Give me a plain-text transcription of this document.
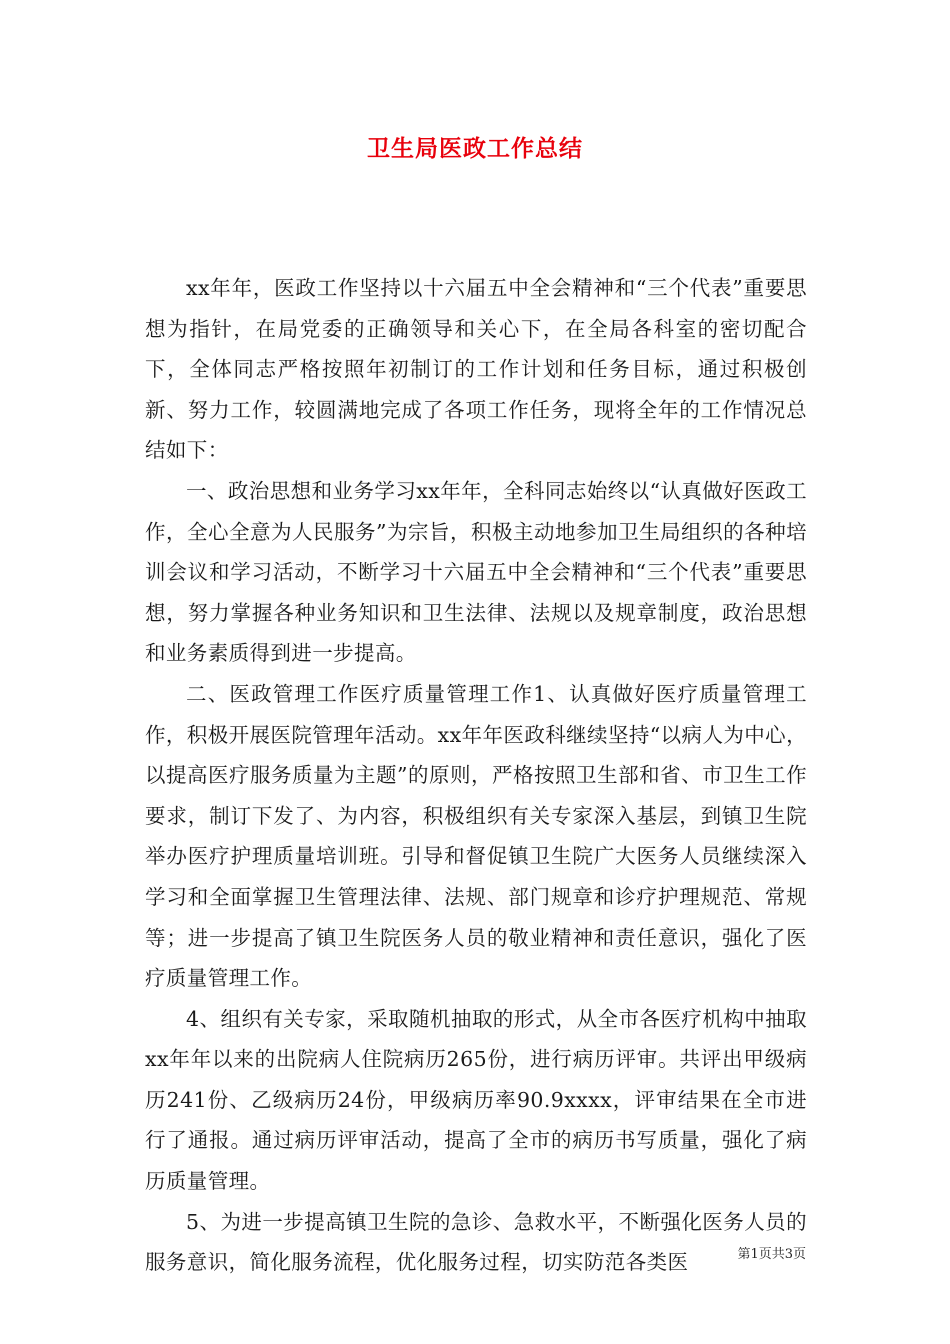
卫生局医政工作总结

xx年年，医政工作坚持以十六届五中全会精神和“三个代表”重要思想为指针，在局党委的正确领导和关心下，在全局各科室的密切配合下，全体同志严格按照年初制订的工作计划和任务目标，通过积极创新、努力工作，较圆满地完成了各项工作任务，现将全年的工作情况总结如下：

一、政治思想和业务学习xx年年，全科同志始终以“认真做好医政工作，全心全意为人民服务”为宗旨，积极主动地参加卫生局组织的各种培训会议和学习活动，不断学习十六届五中全会精神和“三个代表”重要思想，努力掌握各种业务知识和卫生法律、法规以及规章制度，政治思想和业务素质得到进一步提高。

二、医政管理工作医疗质量管理工作1、认真做好医疗质量管理工作，积极开展医院管理年活动。xx年年医政科继续坚持“以病人为中心，以提高医疗服务质量为主题”的原则，严格按照卫生部和省、市卫生工作要求，制订下发了、为内容，积极组织有关专家深入基层，到镇卫生院举办医疗护理质量培训班。引导和督促镇卫生院广大医务人员继续深入学习和全面掌握卫生管理法律、法规、部门规章和诊疗护理规范、常规等；进一步提高了镇卫生院医务人员的敬业精神和责任意识，强化了医疗质量管理工作。

4、组织有关专家，采取随机抽取的形式，从全市各医疗机构中抽取xx年年以来的出院病人住院病历265份，进行病历评审。共评出甲级病历241份、乙级病历24份，甲级病历率90.9xxxx，评审结果在全市进行了通报。通过病历评审活动，提高了全市的病历书写质量，强化了病历质量管理。

5、为进一步提高镇卫生院的急诊、急救水平，不断强化医务人员的服务意识，简化服务流程，优化服务过程，切实防范各类医	第1页共3页
